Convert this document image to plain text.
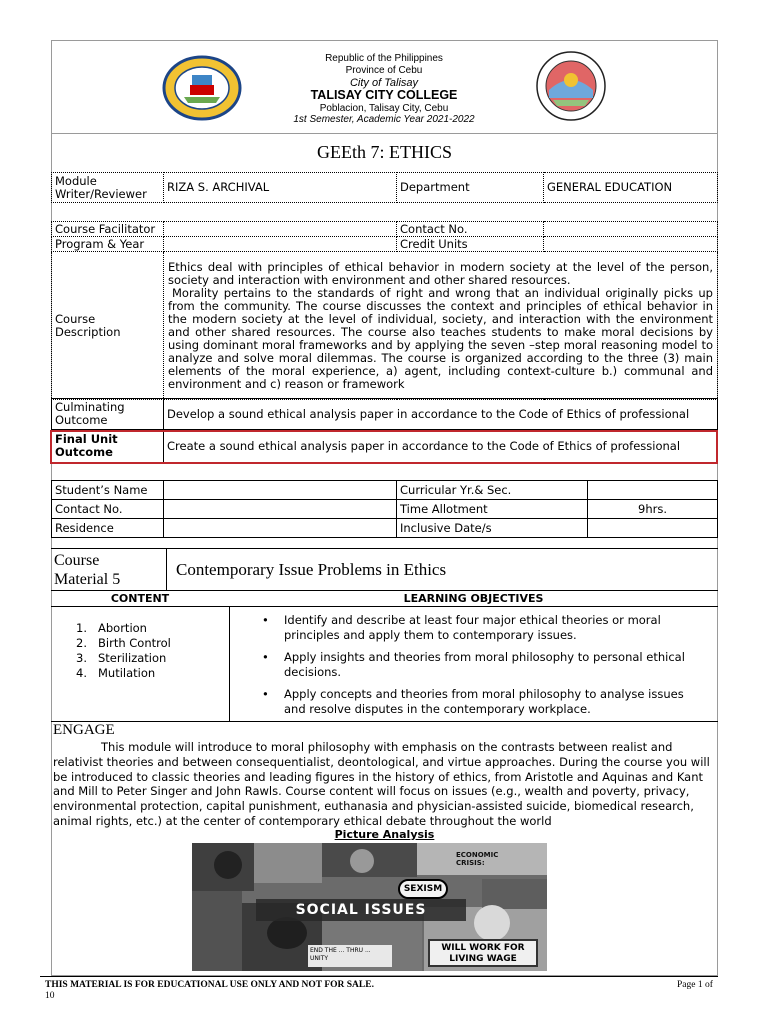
Republic of the Philippines
Province of Cebu
City of Talisay
TALISAY CITY COLLEGE
Poblacion, Talisay City, Cebu
1st Semester, Academic Year 2021-2022
GEEth 7: ETHICS
Module Writer/Reviewer	RIZA S. ARCHIVAL	Department	GENERAL EDUCATION
Course Facilitator		Contact No.	
Program & Year		Credit Units	
Course Description	Ethics deal with principles of ethical behavior in modern society at the level of the person, society and interaction with environment and other shared resources.
Morality pertains to the standards of right and wrong that an individual originally picks up from the community. The course discusses the context and principles of ethical behavior in the modern society at the level of individual, society, and interaction with the environment and other shared resources. The course also teaches students to make moral decisions by using dominant moral frameworks and by applying the seven –step moral reasoning model to analyze and solve moral dilemmas. The course is organized according to the three (3) main elements of the moral experience, a) agent, including context-culture b.) communal and environment and c) reason or framework		
Culminating Outcome	Develop a sound ethical analysis paper in accordance to the Code of Ethics of professional
Final Unit Outcome	Create a sound ethical analysis paper in accordance to the Code of Ethics of professional
Student’s Name		Curricular Yr.& Sec.	
Contact No.		Time Allotment	9hrs.
Residence		Inclusive Date/s	
Course Material 5
Contemporary Issue Problems in Ethics
CONTENT	LEARNING OBJECTIVES
1. Abortion
2. Birth Control
3. Sterilization
4. Mutilation
• Identify and describe at least four major ethical theories or moral principles and apply them to contemporary issues.
• Apply insights and theories from moral philosophy to personal ethical decisions.
• Apply concepts and theories from moral philosophy to analyse issues and resolve disputes in the contemporary workplace.
ENGAGE
This module will introduce to moral philosophy with emphasis on the contrasts between realist and relativist theories and between consequentialist, deontological, and virtue approaches. During the course you will be introduced to classic theories and leading figures in the history of ethics, from Aristotle and Aquinas and Kant and Mill to Peter Singer and John Rawls. Course content will focus on issues (e.g., wealth and poverty, privacy, environmental protection, capital punishment, euthanasia and physician-assisted suicide, biomedical research, animal rights, etc.) at the center of contemporary ethical debate throughout the world
Picture Analysis
SEXISM
ECONOMIC CRISIS:
SOCIAL ISSUES
END THE ... THRU ... UNITY
WILL WORK FOR LIVING WAGE
THIS MATERIAL IS FOR EDUCATIONAL USE ONLY AND NOT FOR SALE.	Page 1 of
10
